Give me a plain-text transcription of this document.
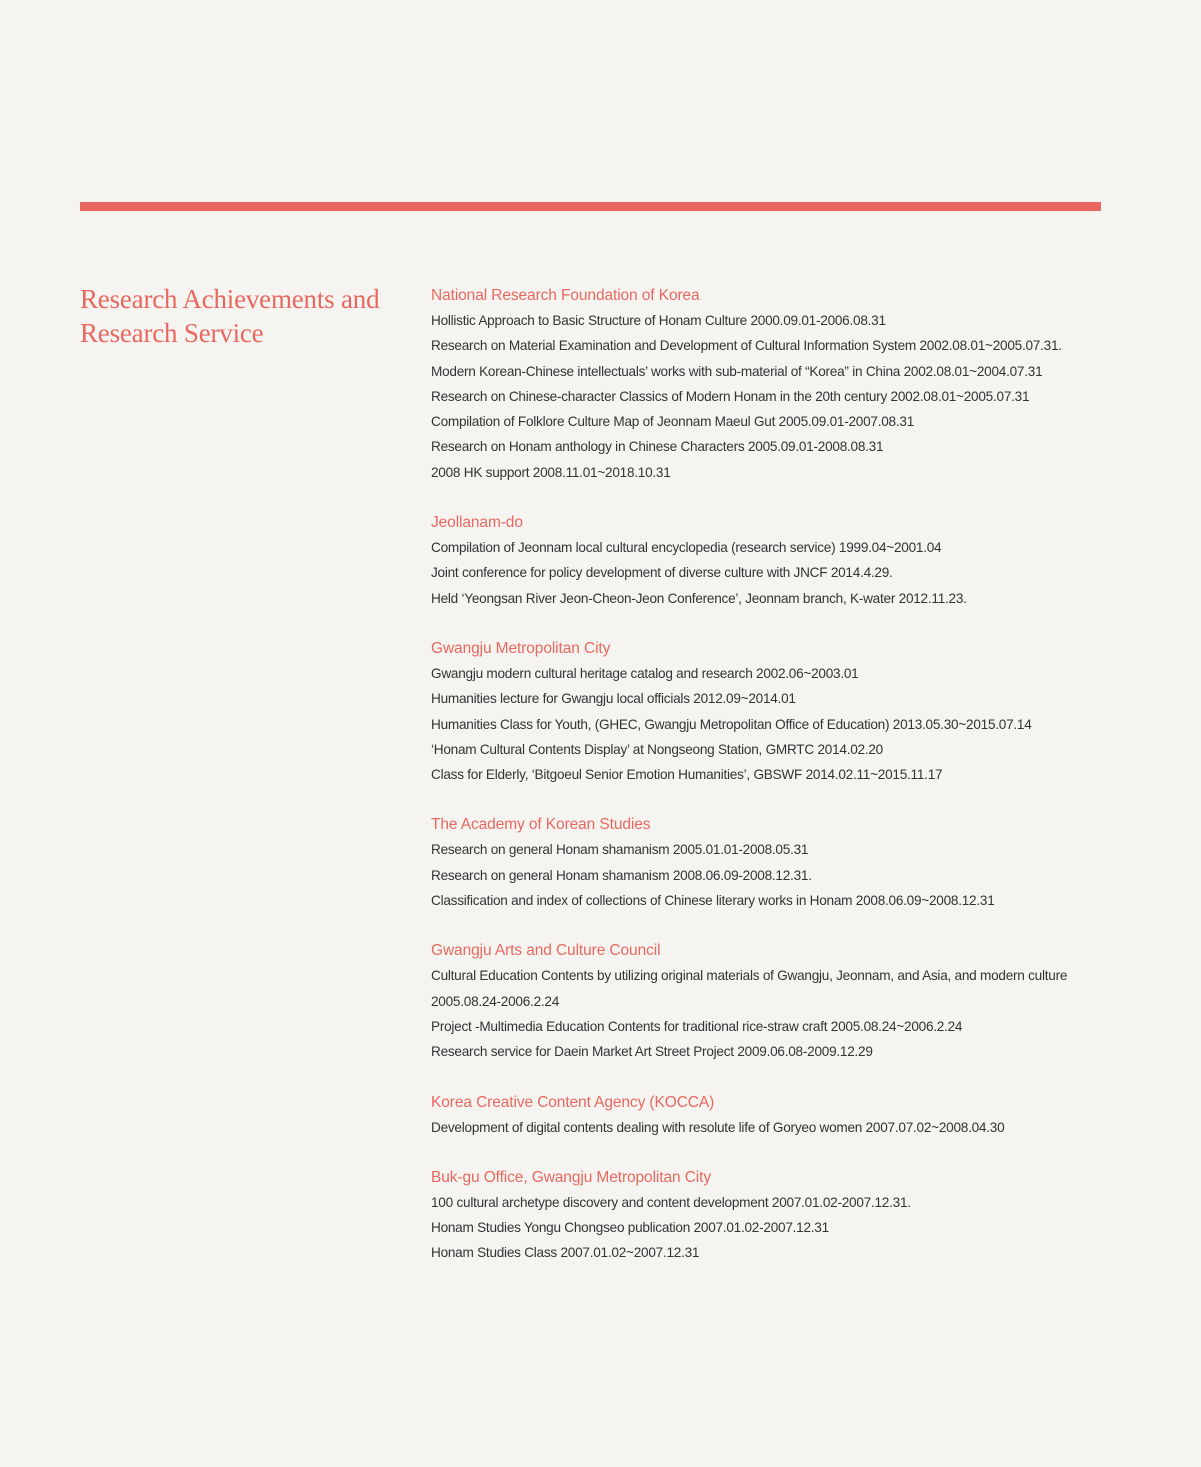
Research Achievements and
Research Service
National Research Foundation of Korea

Hollistic Approach to Basic Structure of Honam Culture 2000.09.01-2006.08.31

Research on Material Examination and Development of Cultural Information System 2002.08.01~2005.07.31.

Modern Korean-Chinese intellectuals’ works with sub-material of “Korea” in China 2002.08.01~2004.07.31

Research on Chinese-character Classics of Modern Honam in the 20th century 2002.08.01~2005.07.31

Compilation of Folklore Culture Map of Jeonnam Maeul Gut 2005.09.01-2007.08.31

Research on Honam anthology in Chinese Characters 2005.09.01-2008.08.31

2008 HK support 2008.11.01~2018.10.31

Jeollanam-do

Compilation of Jeonnam local cultural encyclopedia (research service) 1999.04~2001.04

Joint conference for policy development of diverse culture with JNCF 2014.4.29.

Held ‘Yeongsan River Jeon-Cheon-Jeon Conference’, Jeonnam branch, K-water 2012.11.23.

Gwangju Metropolitan City

Gwangju modern cultural heritage catalog and research 2002.06~2003.01

Humanities lecture for Gwangju local officials 2012.09~2014.01

Humanities Class for Youth, (GHEC, Gwangju Metropolitan Office of Education) 2013.05.30~2015.07.14

‘Honam Cultural Contents Display’ at Nongseong Station, GMRTC 2014.02.20

Class for Elderly, ‘Bitgoeul Senior Emotion Humanities’, GBSWF 2014.02.11~2015.11.17

The Academy of Korean Studies

Research on general Honam shamanism 2005.01.01-2008.05.31

Research on general Honam shamanism 2008.06.09-2008.12.31.

Classification and index of collections of Chinese literary works in Honam 2008.06.09~2008.12.31

Gwangju Arts and Culture Council

Cultural Education Contents by utilizing original materials of Gwangju, Jeonnam, and Asia, and modern culture 2005.08.24-2006.2.24

Project -Multimedia Education Contents for traditional rice-straw craft 2005.08.24~2006.2.24

Research service for Daein Market Art Street Project 2009.06.08-2009.12.29

Korea Creative Content Agency (KOCCA)

Development of digital contents dealing with resolute life of Goryeo women 2007.07.02~2008.04.30

Buk-gu Office, Gwangju Metropolitan City

100 cultural archetype discovery and content development 2007.01.02-2007.12.31.

Honam Studies Yongu Chongseo publication 2007.01.02-2007.12.31

Honam Studies Class 2007.01.02~2007.12.31
